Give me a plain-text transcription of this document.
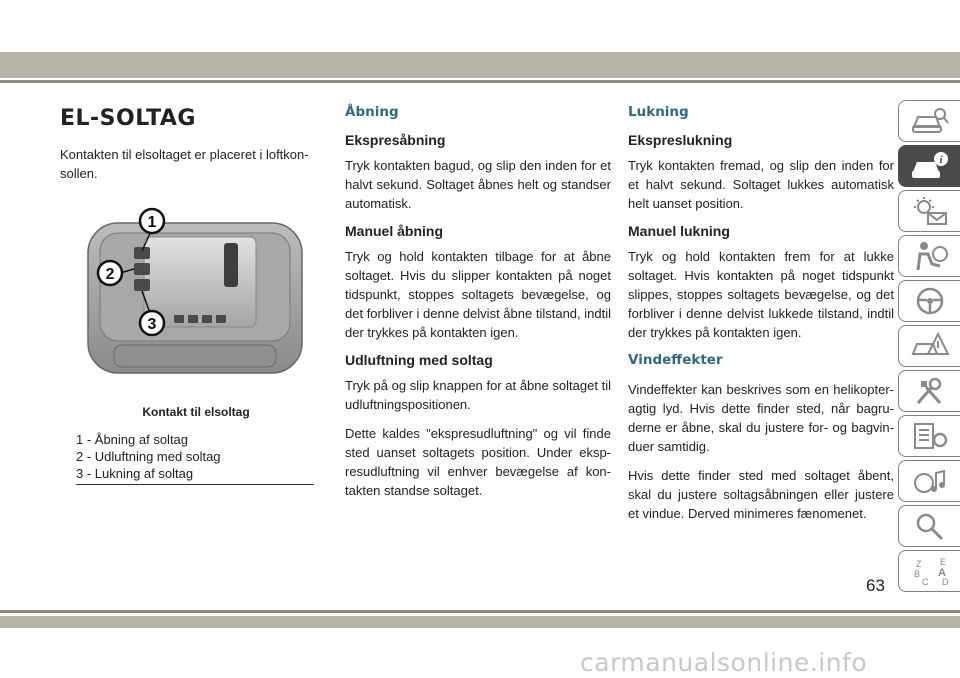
EL-SOLTAG

Kontakten til elsoltaget er placeret i loftkon-sollen.

1
2
3
Kontakt til elsoltag
1 - Åbning af soltag
2 - Udluftning med soltag
3 - Lukning af soltag
Åbning
Ekspresåbning

Tryk kontakten bagud, og slip den inden for et halvt sekund. Soltaget åbnes helt og standser automatisk.

Manuel åbning

Tryk og hold kontakten tilbage for at åbne soltaget. Hvis du slipper kontakten på noget tidspunkt, stoppes soltagets bevægelse, og det forbliver i denne delvist åbne tilstand, indtil der trykkes på kontakten igen.

Udluftning med soltag

Tryk på og slip knappen for at åbne soltaget til udluftningspositionen.

Dette kaldes "ekspresudluftning" og vil finde sted uanset soltagets position. Under eksp-resudluftning vil enhver bevægelse af kon-takten standse soltaget.

Lukning
Ekspreslukning

Tryk kontakten fremad, og slip den inden for et halvt sekund. Soltaget lukkes automatisk helt uanset position.

Manuel lukning

Tryk og hold kontakten frem for at lukke soltaget. Hvis kontakten på noget tidspunkt slippes, stoppes soltagets bevægelse, og det forbliver i denne delvist lukkede tilstand, indtil der trykkes på kontakten igen.

Vindeffekter

Vindeffekter kan beskrives som en helikopter-agtig lyd. Hvis dette finder sted, når bagru-derne er åbne, skal du justere for- og bagvin-duer samtidig.

Hvis dette finder sted med soltaget åbent, skal du justere soltagsåbningen eller justere et vindue. Derved minimeres fænomenet.

i
Z E
B A
C D
63
carmanualsonline.info
